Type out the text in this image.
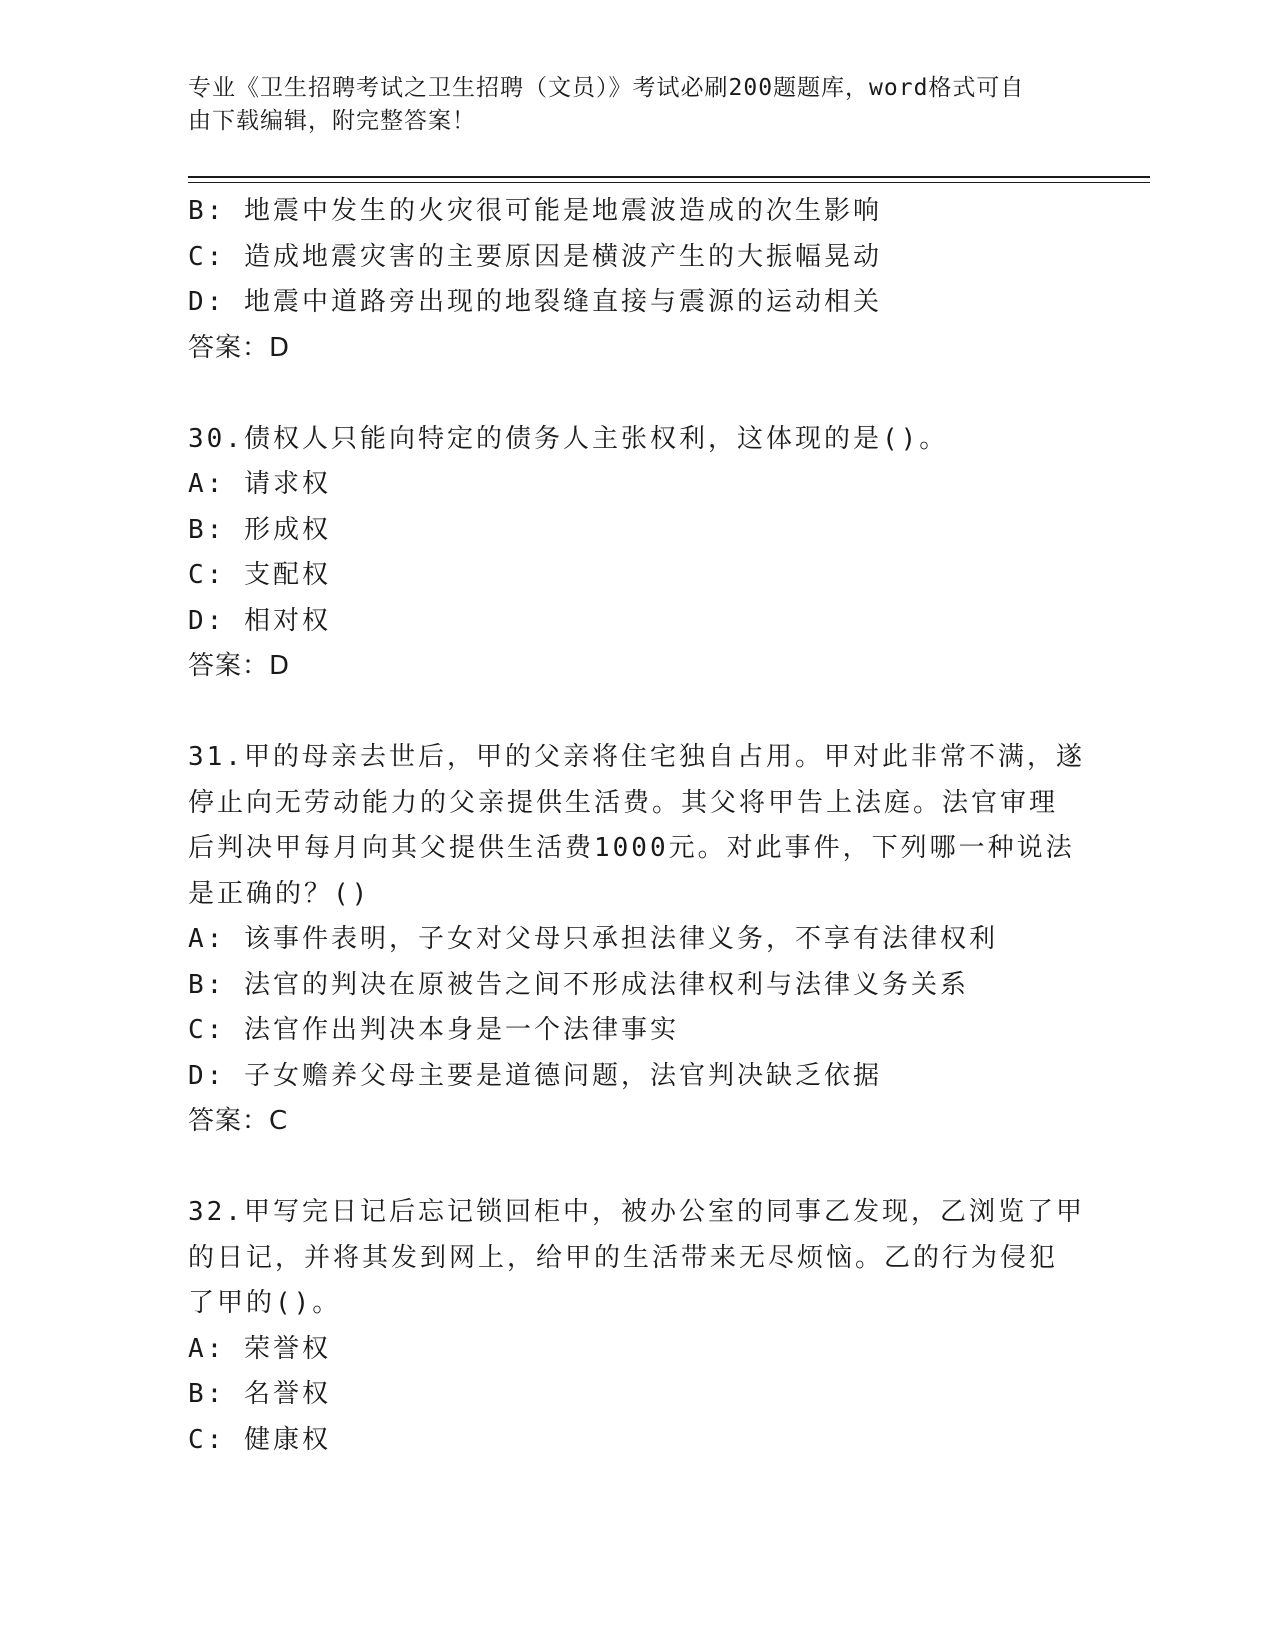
专业《卫生招聘考试之卫生招聘（文员）》考试必刷200题题库，word格式可自
由下载编辑，附完整答案！
B: 地震中发生的火灾很可能是地震波造成的次生影响
C: 造成地震灾害的主要原因是横波产生的大振幅晃动
D: 地震中道路旁出现的地裂缝直接与震源的运动相关
答案：D
30.债权人只能向特定的债务人主张权利，这体现的是()。
A: 请求权
B: 形成权
C: 支配权
D: 相对权
答案：D
31.甲的母亲去世后，甲的父亲将住宅独自占用。甲对此非常不满，遂
停止向无劳动能力的父亲提供生活费。其父将甲告上法庭。法官审理
后判决甲每月向其父提供生活费1000元。对此事件，下列哪一种说法
是正确的？()
A: 该事件表明，子女对父母只承担法律义务，不享有法律权利
B: 法官的判决在原被告之间不形成法律权利与法律义务关系
C: 法官作出判决本身是一个法律事实
D: 子女赡养父母主要是道德问题，法官判决缺乏依据
答案：C
32.甲写完日记后忘记锁回柜中，被办公室的同事乙发现，乙浏览了甲
的日记，并将其发到网上，给甲的生活带来无尽烦恼。乙的行为侵犯
了甲的()。
A: 荣誉权
B: 名誉权
C: 健康权
